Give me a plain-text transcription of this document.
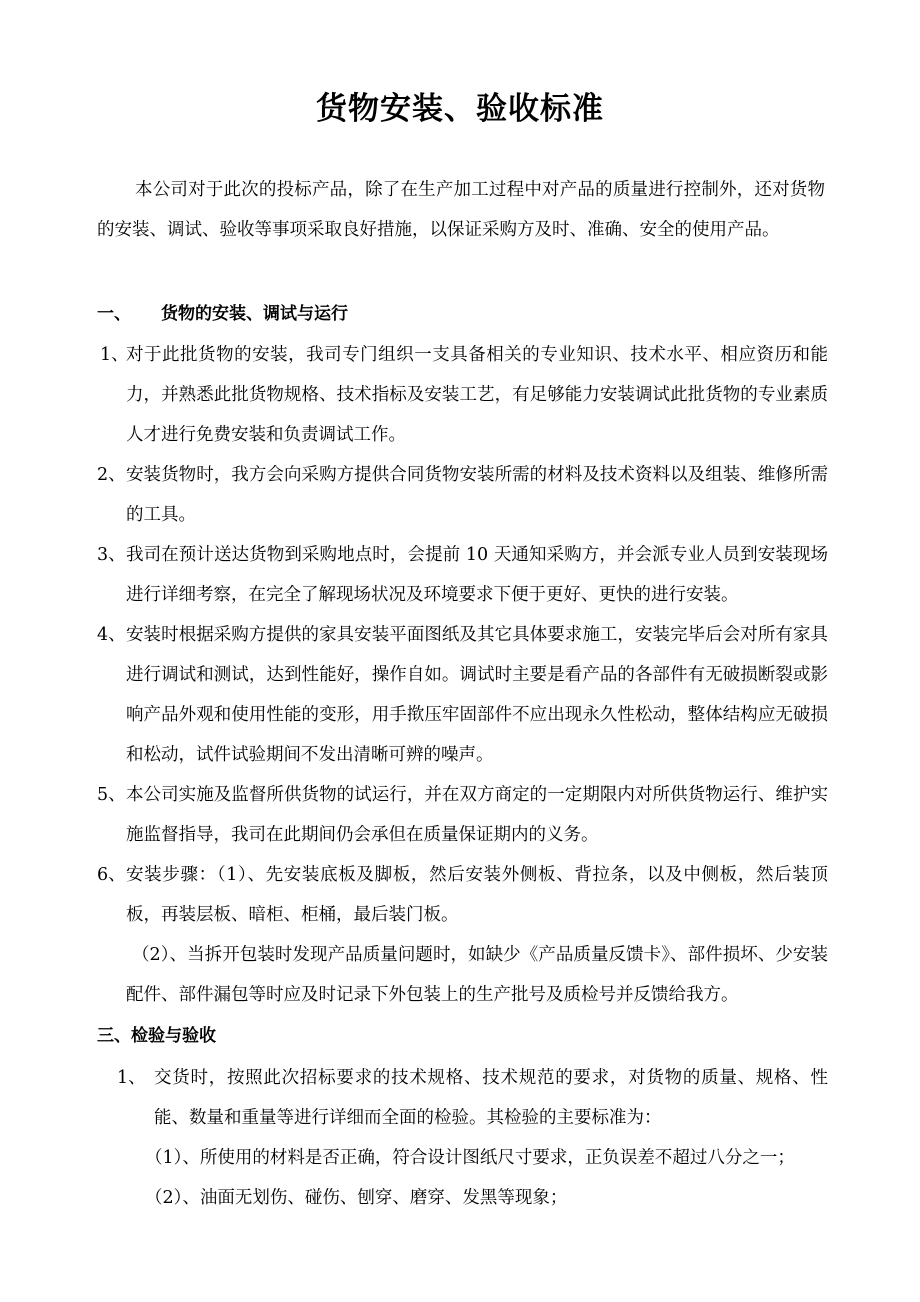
货物安装、验收标准
本公司对于此次的投标产品，除了在生产加工过程中对产品的质量进行控制外，还对货物的安装、调试、验收等事项采取良好措施，以保证采购方及时、准确、安全的使用产品。
一、 货物的安装、调试与运行
1、
对于此批货物的安装，我司专门组织一支具备相关的专业知识、技术水平、相应资历和能力，并熟悉此批货物规格、技术指标及安装工艺，有足够能力安装调试此批货物的专业素质人才进行免费安装和负责调试工作。
2、 安装货物时，我方会向采购方提供合同货物安装所需的材料及技术资料以及组装、维修所需的工具。
3、 我司在预计送达货物到采购地点时，会提前 10 天通知采购方，并会派专业人员到安装现场进行详细考察，在完全了解现场状况及环境要求下便于更好、更快的进行安装。
4、 安装时根据采购方提供的家具安装平面图纸及其它具体要求施工，安装完毕后会对所有家具进行调试和测试，达到性能好，操作自如。调试时主要是看产品的各部件有无破损断裂或影响产品外观和使用性能的变形，用手揿压牢固部件不应出现永久性松动，整体结构应无破损和松动，试件试验期间不发出清晰可辨的噪声。
5、 本公司实施及监督所供货物的试运行，并在双方商定的一定期限内对所供货物运行、维护实施监督指导，我司在此期间仍会承但在质量保证期内的义务。
6、 安装步骤：（1）、先安装底板及脚板，然后安装外侧板、背拉条，以及中侧板，然后装顶板，再装层板、暗柜、柜桶，最后装门板。
（2）、当拆开包装时发现产品质量问题时，如缺少《产品质量反馈卡》、部件损坏、少安装配件、部件漏包等时应及时记录下外包装上的生产批号及质检号并反馈给我方。
三、检验与验收
1、 交货时，按照此次招标要求的技术规格、技术规范的要求，对货物的质量、规格、性能、数量和重量等进行详细而全面的检验。其检验的主要标准为：
（1）、所使用的材料是否正确，符合设计图纸尺寸要求，正负误差不超过八分之一；
（2）、油面无划伤、碰伤、刨穿、磨穿、发黑等现象；
